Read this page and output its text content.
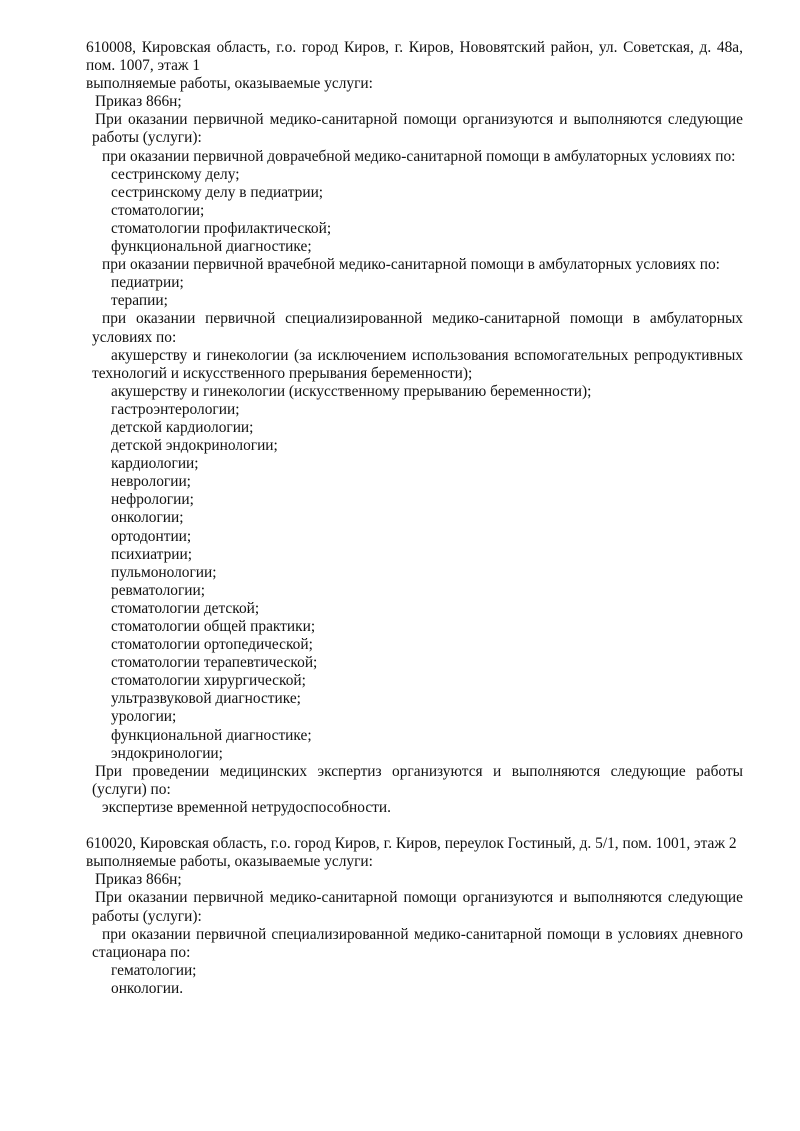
610008, Кировская область, г.о. город Киров, г. Киров, Нововятский район, ул. Советская, д. 48а, пом. 1007, этаж 1

выполняемые работы, оказываемые услуги:

Приказ 866н;

При оказании первичной медико-санитарной помощи организуются и выполняются следующие работы (услуги):

при оказании первичной доврачебной медико-санитарной помощи в амбулаторных условиях по:

сестринскому делу;

сестринскому делу в педиатрии;

стоматологии;

стоматологии профилактической;

функциональной диагностике;

при оказании первичной врачебной медико-санитарной помощи в амбулаторных условиях по:

педиатрии;

терапии;

при оказании первичной специализированной медико-санитарной помощи в амбулаторных условиях по:

акушерству и гинекологии (за исключением использования вспомогательных репродуктивных технологий и искусственного прерывания беременности);

акушерству и гинекологии (искусственному прерыванию беременности);

гастроэнтерологии;

детской кардиологии;

детской эндокринологии;

кардиологии;

неврологии;

нефрологии;

онкологии;

ортодонтии;

психиатрии;

пульмонологии;

ревматологии;

стоматологии детской;

стоматологии общей практики;

стоматологии ортопедической;

стоматологии терапевтической;

стоматологии хирургической;

ультразвуковой диагностике;

урологии;

функциональной диагностике;

эндокринологии;

При проведении медицинских экспертиз организуются и выполняются следующие работы (услуги) по:

экспертизе временной нетрудоспособности.

610020, Кировская область, г.о. город Киров, г. Киров, переулок Гостиный, д. 5/1, пом. 1001, этаж 2

выполняемые работы, оказываемые услуги:

Приказ 866н;

При оказании первичной медико-санитарной помощи организуются и выполняются следующие работы (услуги):

при оказании первичной специализированной медико-санитарной помощи в условиях дневного стационара по:

гематологии;

онкологии.
